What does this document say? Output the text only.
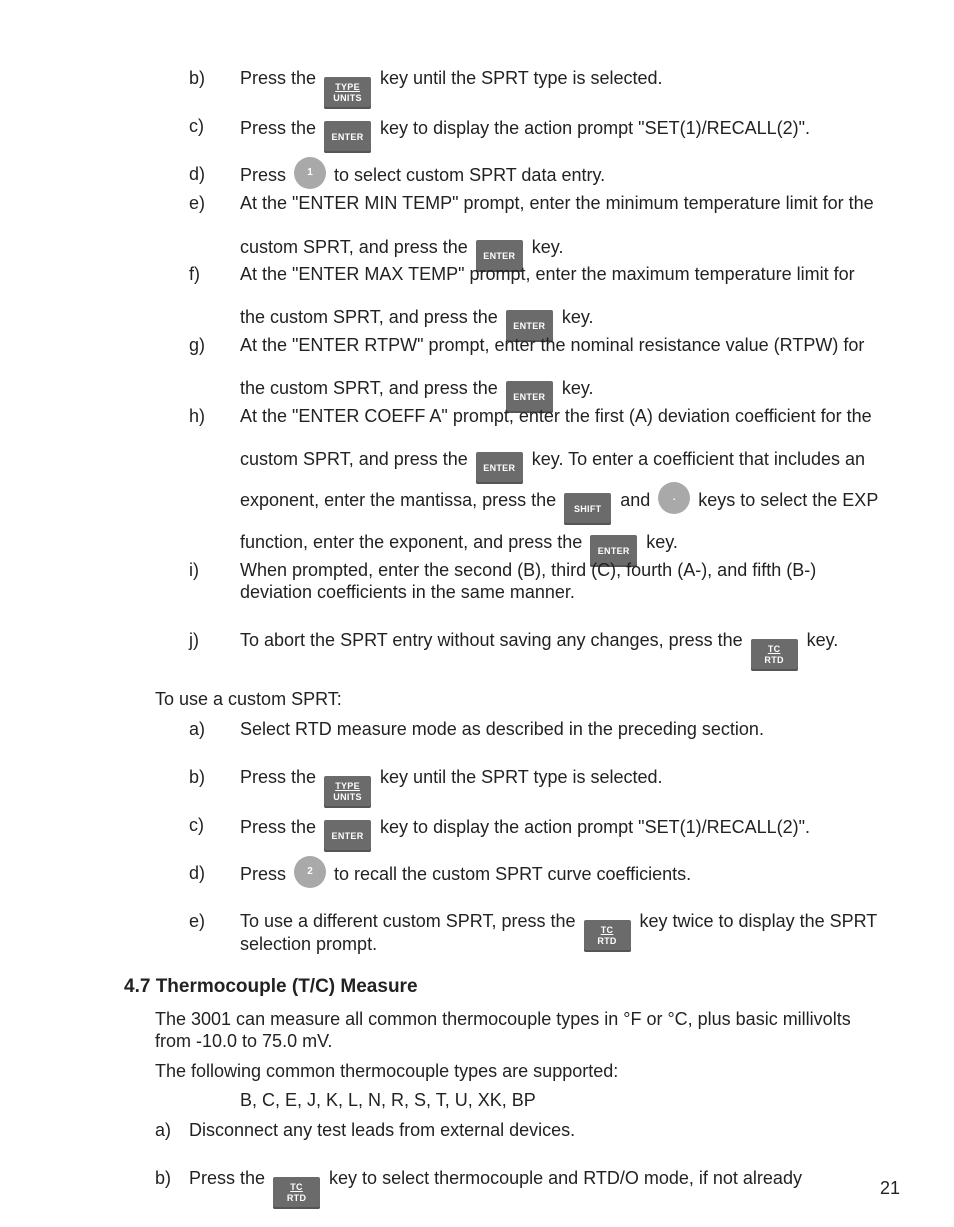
b) Press the TYPE
UNITS
key until the SPRT type is selected.
c) Press the ENTER key to display the action prompt "SET(1)/RECALL(2)".
d) Press	1	to select custom SPRT data entry.
e) At the "ENTER MIN TEMP" prompt, enter the minimum temperature limit for the
custom SPRT, and press the ENTER key.
f) At the "ENTER MAX TEMP" prompt, enter the maximum temperature limit for
the custom SPRT, and press the ENTER key.
g) At the "ENTER RTPW" prompt, enter the nominal resistance value (RTPW) for
the custom SPRT, and press the ENTER key.
h) At the "ENTER COEFF A" prompt, enter the first (A) deviation coefficient for the
custom SPRT, and press the ENTER key. To enter a coefficient that includes an
exponent, enter the mantissa, press the SHIFT and	.	keys to select the EXP
function, enter the exponent, and press the ENTER key.
i) When prompted, enter the second (B), third (C), fourth (A-), and fifth (B-)
deviation coefficients in the same manner.
j) To abort the SPRT entry without saving any changes, press the	TC
RTD
key.
To use a custom SPRT:
a) Select RTD measure mode as described in the preceding section.
b) Press the TYPE
UNITS
key until the SPRT type is selected.
c) Press the ENTER key to display the action prompt "SET(1)/RECALL(2)".
d) Press	2	to recall the custom SPRT curve coefficients.
e) To use a different custom SPRT, press the	TC
RTD
key twice to display the SPRT
selection prompt.
4.7 Thermocouple (T/C) Measure
The 3001 can measure all common thermocouple types in °F or °C, plus basic millivolts
from -10.0 to 75.0 mV.
The following common thermocouple types are supported:
B, C, E, J, K, L, N, R, S, T, U, XK, BP
a) Disconnect any test leads from external devices.
b) Press the	TC
RTD
key to select thermocouple and RTD/O mode, if not already	21
